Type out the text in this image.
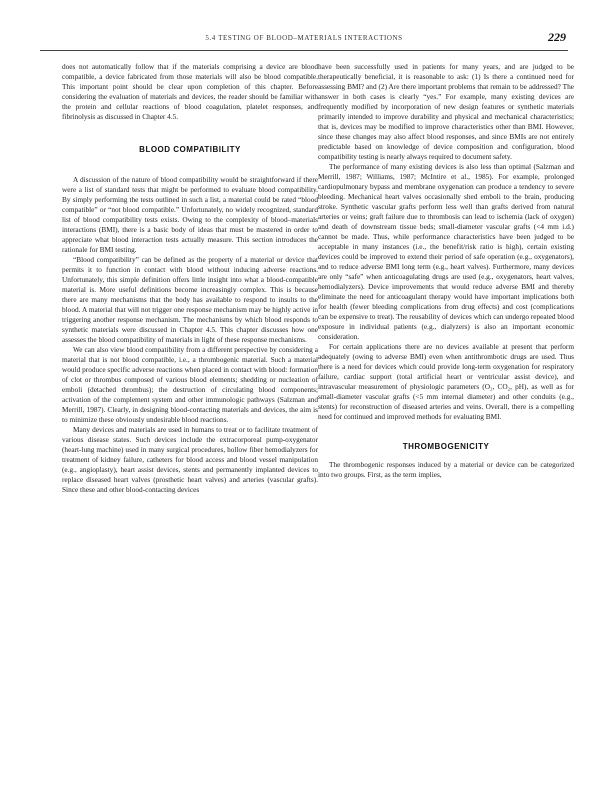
5.4 TESTING OF BLOOD–MATERIALS INTERACTIONS	229

does not automatically follow that if the materials comprising a device are blood compatible, a device fabricated from those materials will also be blood compatible. This important point should be clear upon completion of this chapter. Before considering the evaluation of materials and devices, the reader should be familiar with the protein and cellular reactions of blood coagulation, platelet responses, and fibrinolysis as discussed in Chapter 4.5.

BLOOD COMPATIBILITY

A discussion of the nature of blood compatibility would be straightforward if there were a list of standard tests that might be performed to evaluate blood compatibility. By simply performing the tests outlined in such a list, a material could be rated “blood compatible” or “not blood compatible.” Unfortunately, no widely recognized, standard list of blood compatibility tests exists. Owing to the complexity of blood–materials interactions (BMI), there is a basic body of ideas that must be mastered in order to appreciate what blood interaction tests actually measure. This section introduces the rationale for BMI testing.

“Blood compatibility” can be defined as the property of a material or device that permits it to function in contact with blood without inducing adverse reactions. Unfortunately, this simple definition offers little insight into what a blood-compatible material is. More useful definitions become increasingly complex. This is because there are many mechanisms that the body has available to respond to insults to the blood. A material that will not trigger one response mechanism may be highly active in triggering another response mechanism. The mechanisms by which blood responds to synthetic materials were discussed in Chapter 4.5. This chapter discusses how one assesses the blood compatibility of materials in light of these response mechanisms.

We can also view blood compatibility from a different perspective by considering a material that is not blood compatible, i.e., a thrombogenic material. Such a material would produce specific adverse reactions when placed in contact with blood: formation of clot or thrombus composed of various blood elements; shedding or nucleation of emboli (detached thrombus); the destruction of circulating blood components; activation of the complement system and other immunologic pathways (Salzman and Merrill, 1987). Clearly, in designing blood-contacting materials and devices, the aim is to minimize these obviously undesirable blood reactions.

Many devices and materials are used in humans to treat or to facilitate treatment of various disease states. Such devices include the extracorporeal pump-oxygenator (heart-lung machine) used in many surgical procedures, hollow fiber hemodialyzers for treatment of kidney failure, catheters for blood access and blood vessel manipulation (e.g., angioplasty), heart assist devices, stents and permanently implanted devices to replace diseased heart valves (prosthetic heart valves) and arteries (vascular grafts). Since these and other blood-contacting devices

have been successfully used in patients for many years, and are judged to be therapeutically beneficial, it is reasonable to ask: (1) Is there a continued need for assessing BMI? and (2) Are there important problems that remain to be addressed? The answer in both cases is clearly “yes.” For example, many existing devices are frequently modified by incorporation of new design features or synthetic materials primarily intended to improve durability and physical and mechanical characteristics; that is, devices may be modified to improve characteristics other than BMI. However, since these changes may also affect blood responses, and since BMIs are not entirely predictable based on knowledge of device composition and configuration, blood compatibility testing is nearly always required to document safety.

The performance of many existing devices is also less than optimal (Salzman and Merrill, 1987; Williams, 1987; McIntire et al., 1985). For example, prolonged cardiopulmonary bypass and membrane oxygenation can produce a tendency to severe bleeding. Mechanical heart valves occasionally shed emboli to the brain, producing stroke. Synthetic vascular grafts perform less well than grafts derived from natural arteries or veins; graft failure due to thrombosis can lead to ischemia (lack of oxygen) and death of downstream tissue beds; small-diameter vascular grafts (<4 mm i.d.) cannot be made. Thus, while performance characteristics have been judged to be acceptable in many instances (i.e., the benefit/risk ratio is high), certain existing devices could be improved to extend their period of safe operation (e.g., oxygenators), and to reduce adverse BMI long term (e.g., heart valves). Furthermore, many devices are only “safe” when anticoagulating drugs are used (e.g., oxygenators, heart valves, hemodialyzers). Device improvements that would reduce adverse BMI and thereby eliminate the need for anticoagulant therapy would have important implications both for health (fewer bleeding complications from drug effects) and cost (complications can be expensive to treat). The reusability of devices which can undergo repeated blood exposure in individual patients (e.g., dialyzers) is also an important economic consideration.

For certain applications there are no devices available at present that perform adequately (owing to adverse BMI) even when antithrombotic drugs are used. Thus there is a need for devices which could provide long-term oxygenation for respiratory failure, cardiac support (total artificial heart or ventricular assist device), and intravascular measurement of physiologic parameters (O₂, CO₂, pH), as well as for small-diameter vascular grafts (<5 mm internal diameter) and other conduits (e.g., stents) for reconstruction of diseased arteries and veins. Overall, there is a compelling need for continued and improved methods for evaluating BMI.

THROMBOGENICITY

The thrombogenic responses induced by a material or device can be categorized into two groups. First, as the term implies,
